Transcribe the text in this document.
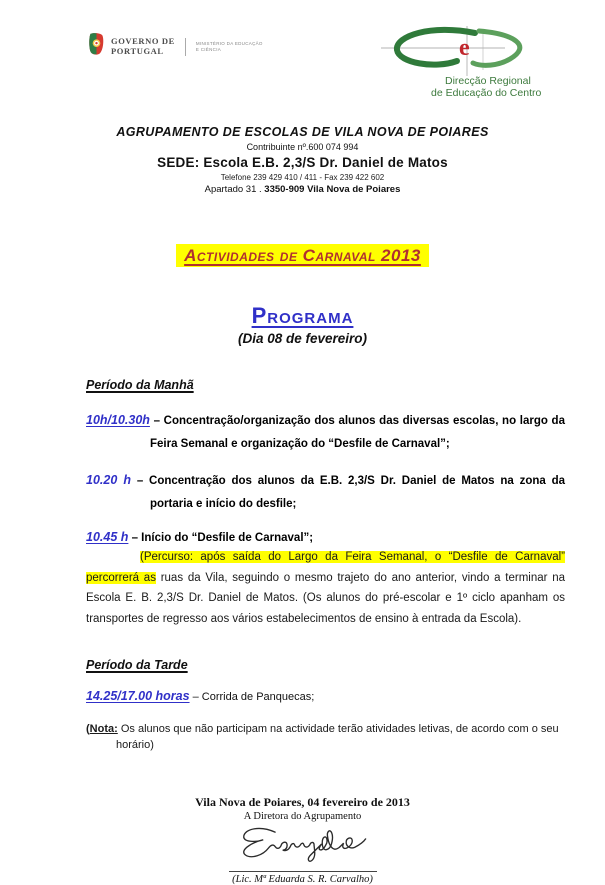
GOVERNO DE
PORTUGAL
MINISTÉRIO DA EDUCAÇÃO
E CIÊNCIA	e
Direcção Regional
de Educação do Centro
AGRUPAMENTO DE ESCOLAS DE VILA NOVA DE POIARES
Contribuinte nº.600 074 994
SEDE: Escola E.B. 2,3/S Dr. Daniel de Matos
Telefone 239 429 410 / 411 - Fax 239 422 602
Apartado 31 . 3350-909 Vila Nova de Poiares
Actividades de Carnaval 2013
Programa
(Dia 08 de fevereiro)
Período da Manhã
10h/10.30h – Concentração/organização dos alunos das diversas escolas, no largo da Feira Semanal e organização do “Desfile de Carnaval”;
10.20 h – Concentração dos alunos da E.B. 2,3/S Dr. Daniel de Matos na zona da portaria e início do desfile;
10.45 h – Início do “Desfile de Carnaval”;

(Percurso: após saída do Largo da Feira Semanal, o “Desfile de Carnaval” percorrerá as ruas da Vila, seguindo o mesmo trajeto do ano anterior, vindo a terminar na Escola E. B. 2,3/S Dr. Daniel de Matos. (Os alunos do pré-escolar e 1º ciclo apanham os transportes de regresso aos vários estabelecimentos de ensino à entrada da Escola).

Período da Tarde
14.25/17.00 horas – Corrida de Panquecas;
(Nota: Os alunos que não participam na actividade terão atividades letivas, de acordo com o seu horário)
Vila Nova de Poiares, 04 fevereiro de 2013
A Diretora do Agrupamento
(Lic. Mª Eduarda S. R. Carvalho)
